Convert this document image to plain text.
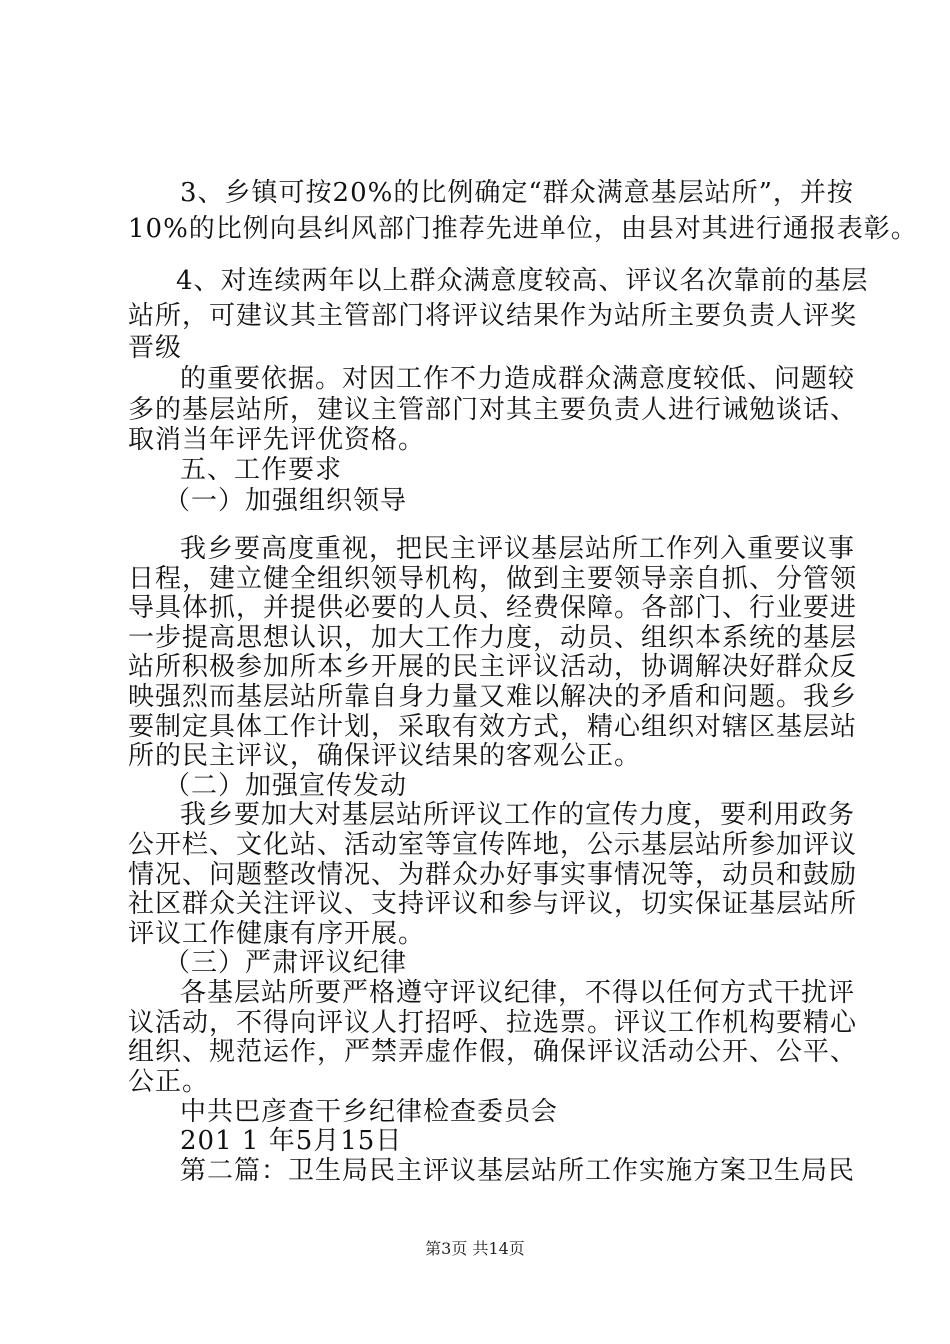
3、乡镇可按20%的比例确定“群众满意基层站所”，并按
10%的比例向县纠风部门推荐先进单位，由县对其进行通报表彰。
4、对连续两年以上群众满意度较高、评议名次靠前的基层
站所，可建议其主管部门将评议结果作为站所主要负责人评奖
晋级
的重要依据。对因工作不力造成群众满意度较低、问题较
多的基层站所，建议主管部门对其主要负责人进行诫勉谈话、
取消当年评先评优资格。
五、工作要求
（一）加强组织领导
我乡要高度重视，把民主评议基层站所工作列入重要议事
日程，建立健全组织领导机构，做到主要领导亲自抓、分管领
导具体抓，并提供必要的人员、经费保障。各部门、行业要进
一步提高思想认识，加大工作力度，动员、组织本系统的基层
站所积极参加所本乡开展的民主评议活动，协调解决好群众反
映强烈而基层站所靠自身力量又难以解决的矛盾和问题。我乡
要制定具体工作计划，采取有效方式，精心组织对辖区基层站
所的民主评议，确保评议结果的客观公正。
（二）加强宣传发动
我乡要加大对基层站所评议工作的宣传力度，要利用政务
公开栏、文化站、活动室等宣传阵地，公示基层站所参加评议
情况、问题整改情况、为群众办好事实事情况等，动员和鼓励
社区群众关注评议、支持评议和参与评议，切实保证基层站所
评议工作健康有序开展。
（三）严肃评议纪律
各基层站所要严格遵守评议纪律，不得以任何方式干扰评
议活动，不得向评议人打招呼、拉选票。评议工作机构要精心
组织、规范运作，严禁弄虚作假，确保评议活动公开、公平、
公正。
中共巴彦查干乡纪律检查委员会
201 1 年5月15日
第二篇：卫生局民主评议基层站所工作实施方案卫生局民
第3页 共14页
